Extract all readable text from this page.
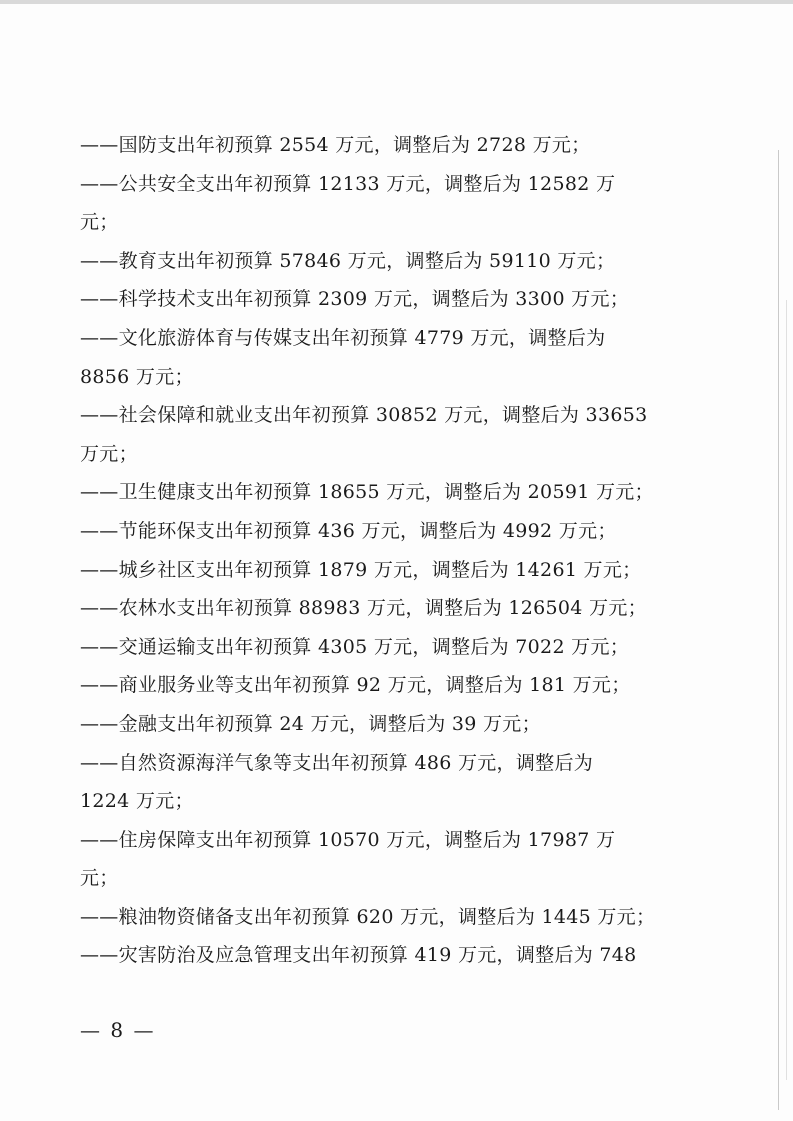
——国防支出年初预算 2554 万元，调整后为 2728 万元；
——公共安全支出年初预算 12133 万元，调整后为 12582 万
元；
——教育支出年初预算 57846 万元，调整后为 59110 万元；
——科学技术支出年初预算 2309 万元，调整后为 3300 万元；
——文化旅游体育与传媒支出年初预算 4779 万元，调整后为
8856 万元；
——社会保障和就业支出年初预算 30852 万元，调整后为 33653
万元；
——卫生健康支出年初预算 18655 万元，调整后为 20591 万元；
——节能环保支出年初预算 436 万元，调整后为 4992 万元；
——城乡社区支出年初预算 1879 万元，调整后为 14261 万元；
——农林水支出年初预算 88983 万元，调整后为 126504 万元；
——交通运输支出年初预算 4305 万元，调整后为 7022 万元；
——商业服务业等支出年初预算 92 万元，调整后为 181 万元；
——金融支出年初预算 24 万元，调整后为 39 万元；
——自然资源海洋气象等支出年初预算 486 万元，调整后为
1224 万元；
——住房保障支出年初预算 10570 万元，调整后为 17987 万
元；
——粮油物资储备支出年初预算 620 万元，调整后为 1445 万元；
——灾害防治及应急管理支出年初预算 419 万元，调整后为 748
— 8 —
